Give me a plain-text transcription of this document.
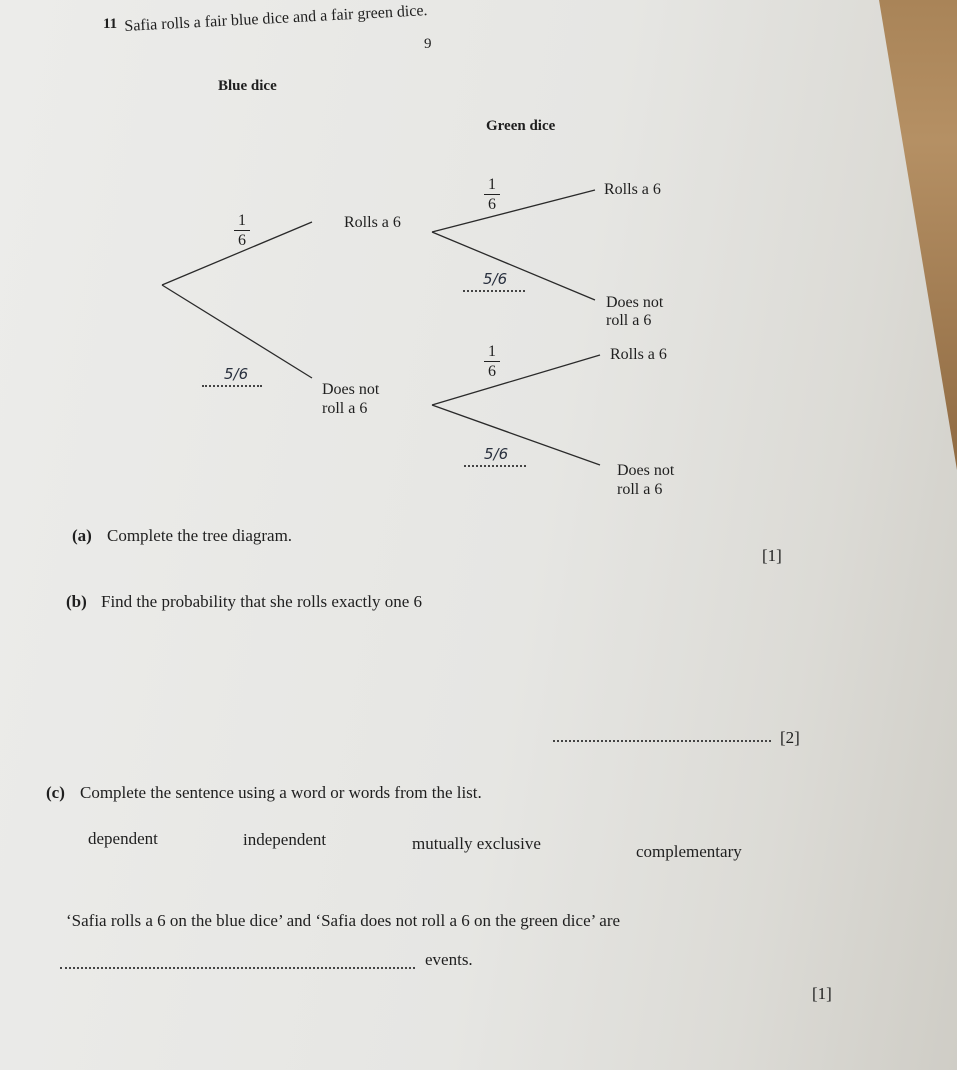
9
11 Safia rolls a fair blue dice and a fair green dice.
Blue dice
Green dice
1
6
Rolls a 6
5/6
Does not
roll a 6
1
6
Rolls a 6
5/6
Does not
roll a 6
1
6
Rolls a 6
5/6
Does not
roll a 6
(a) Complete the tree diagram.
[1]
(b) Find the probability that she rolls exactly one 6
[2]
(c) Complete the sentence using a word or words from the list.
dependent	independent	mutually exclusive	complementary
‘Safia rolls a 6 on the blue dice’ and ‘Safia does not roll a 6 on the green dice’ are
events.
[1]
